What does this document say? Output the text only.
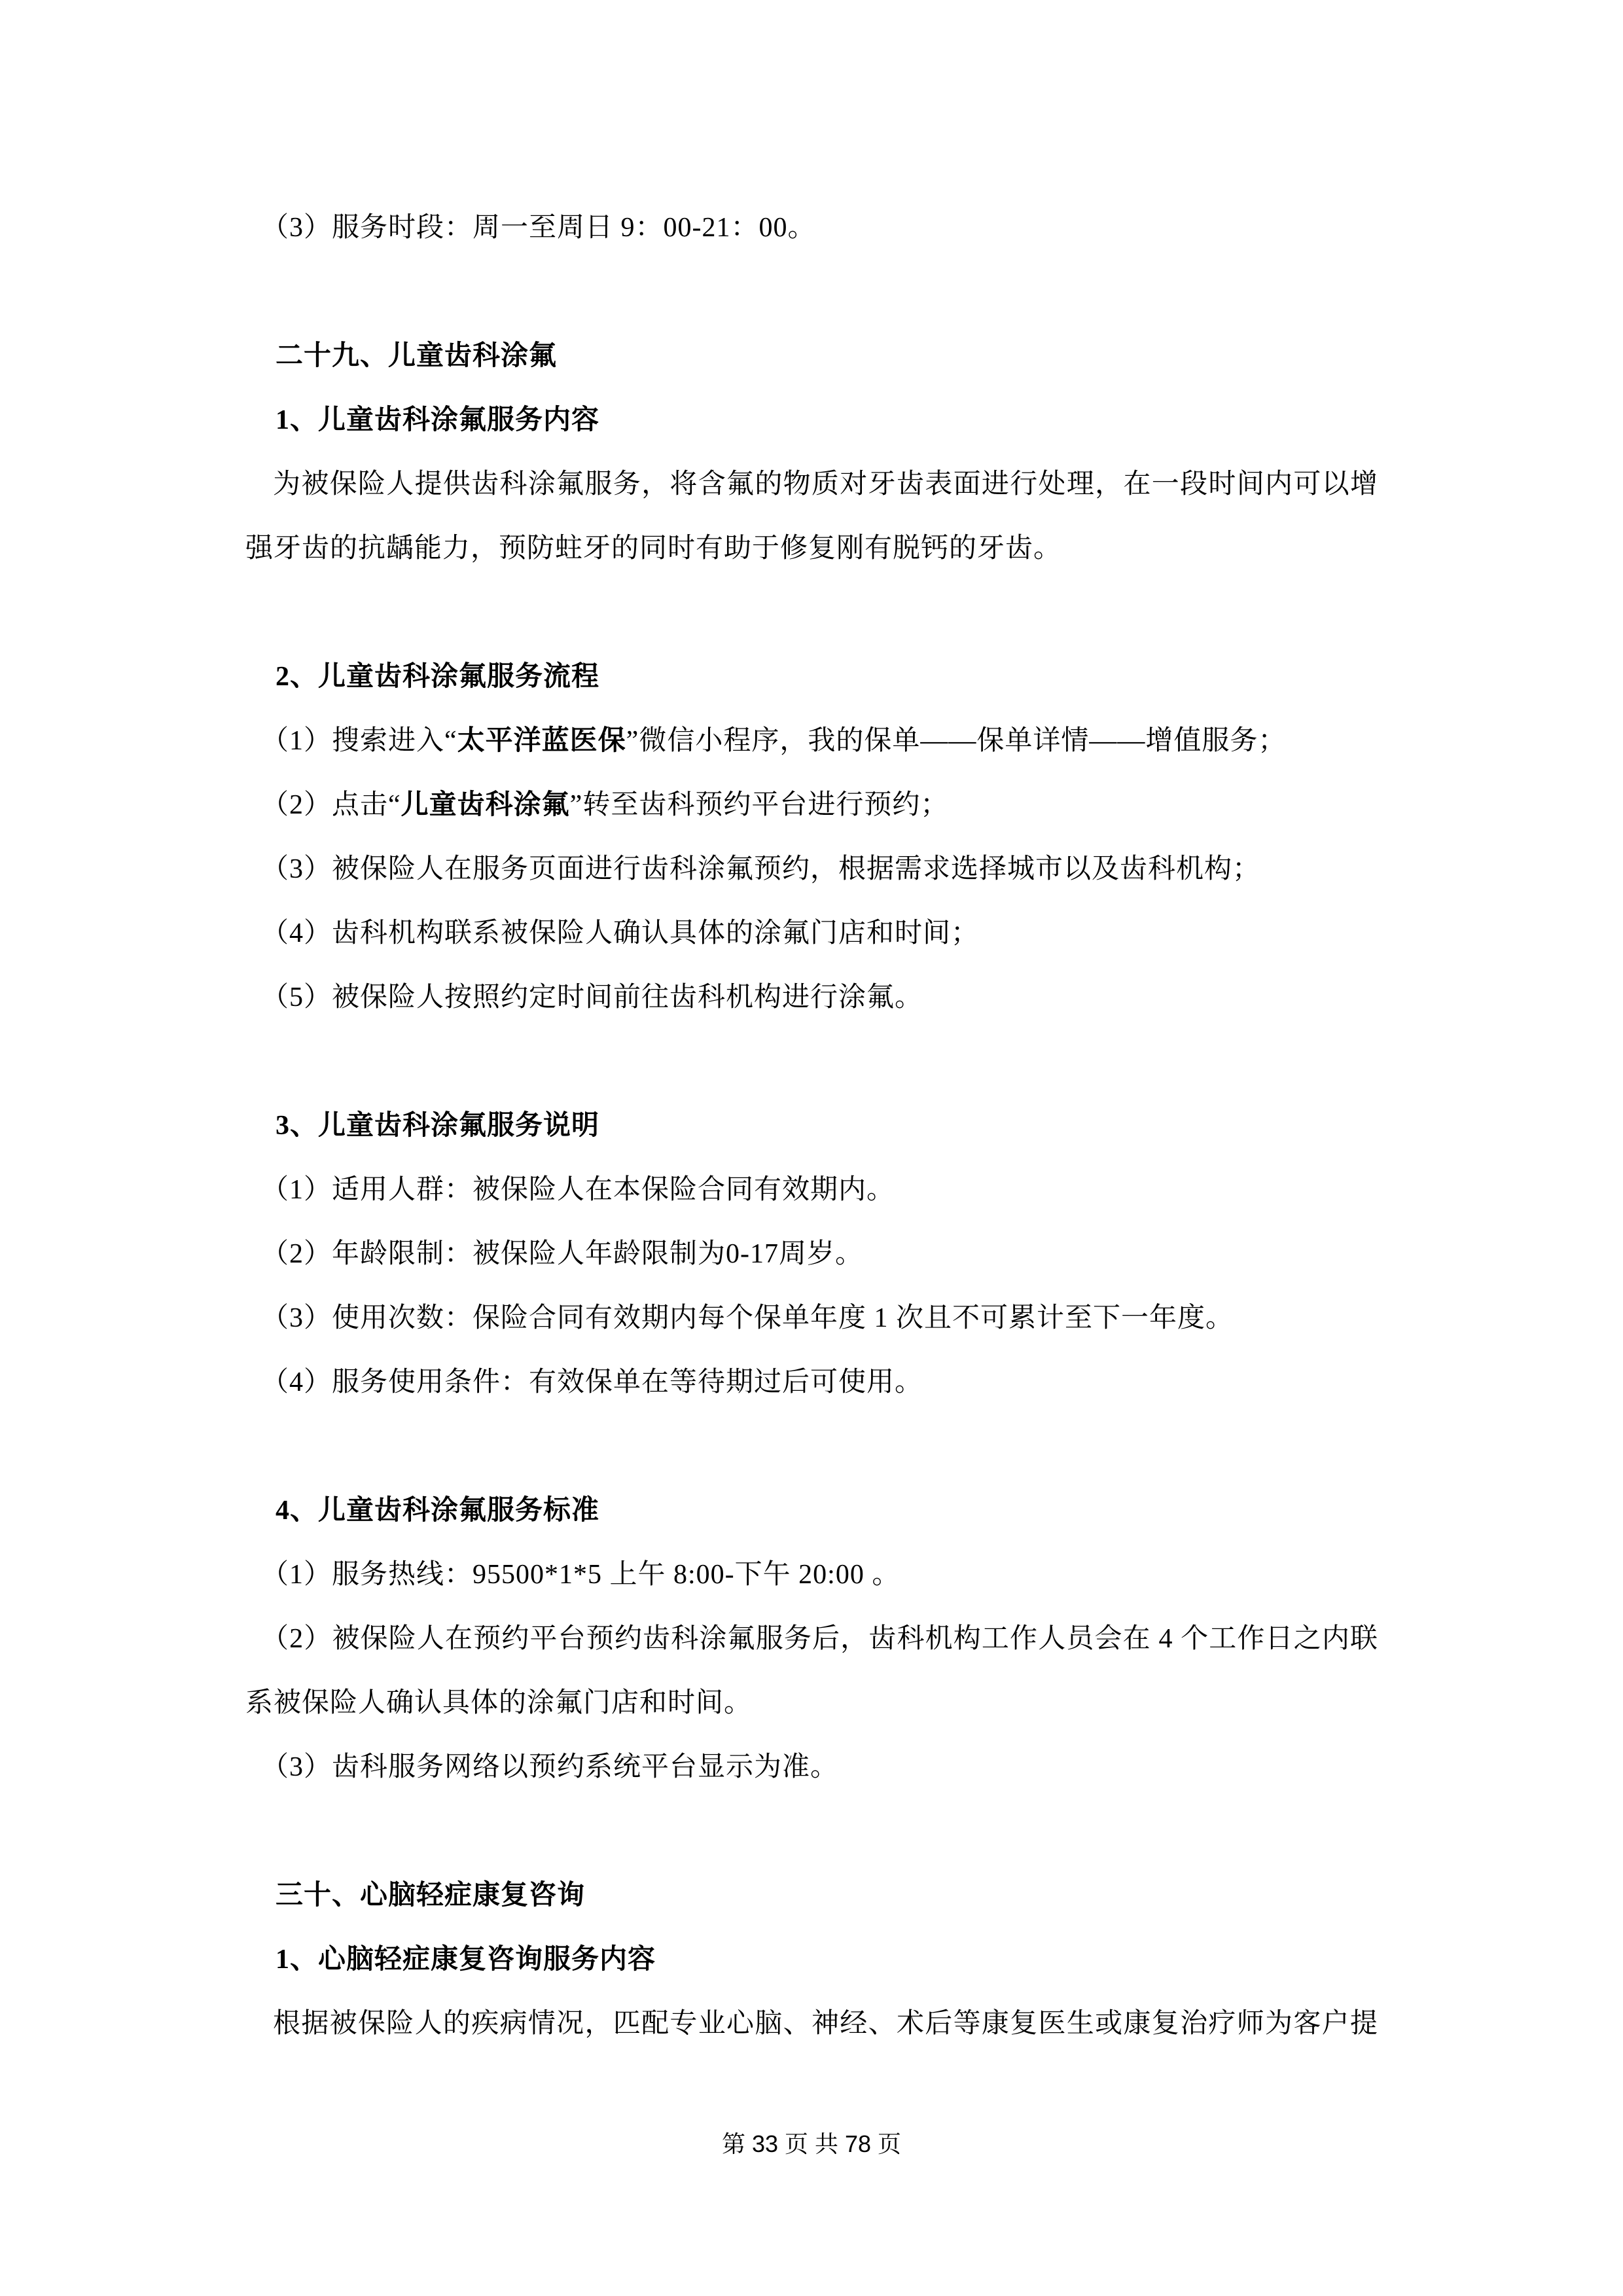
（3）服务时段：周一至周日 9：00-21：00。

二十九、儿童齿科涂氟

1、儿童齿科涂氟服务内容

为被保险人提供齿科涂氟服务，将含氟的物质对牙齿表面进行处理，在一段时间内可以增

强牙齿的抗龋能力，预防蛀牙的同时有助于修复刚有脱钙的牙齿。

2、儿童齿科涂氟服务流程

（1）搜索进入“太平洋蓝医保”微信小程序，我的保单——保单详情——增值服务；

（2）点击“儿童齿科涂氟”转至齿科预约平台进行预约；

（3）被保险人在服务页面进行齿科涂氟预约，根据需求选择城市以及齿科机构；

（4）齿科机构联系被保险人确认具体的涂氟门店和时间；

（5）被保险人按照约定时间前往齿科机构进行涂氟。

3、儿童齿科涂氟服务说明

（1）适用人群：被保险人在本保险合同有效期内。

（2）年龄限制：被保险人年龄限制为0-17周岁。

（3）使用次数：保险合同有效期内每个保单年度 1 次且不可累计至下一年度。

（4）服务使用条件：有效保单在等待期过后可使用。

4、儿童齿科涂氟服务标准

（1）服务热线：95500*1*5 上午 8:00-下午 20:00 。

（2）被保险人在预约平台预约齿科涂氟服务后，齿科机构工作人员会在 4 个工作日之内联

系被保险人确认具体的涂氟门店和时间。

（3）齿科服务网络以预约系统平台显示为准。

三十、心脑轻症康复咨询

1、心脑轻症康复咨询服务内容

根据被保险人的疾病情况，匹配专业心脑、神经、术后等康复医生或康复治疗师为客户提

第 33 页 共 78 页
